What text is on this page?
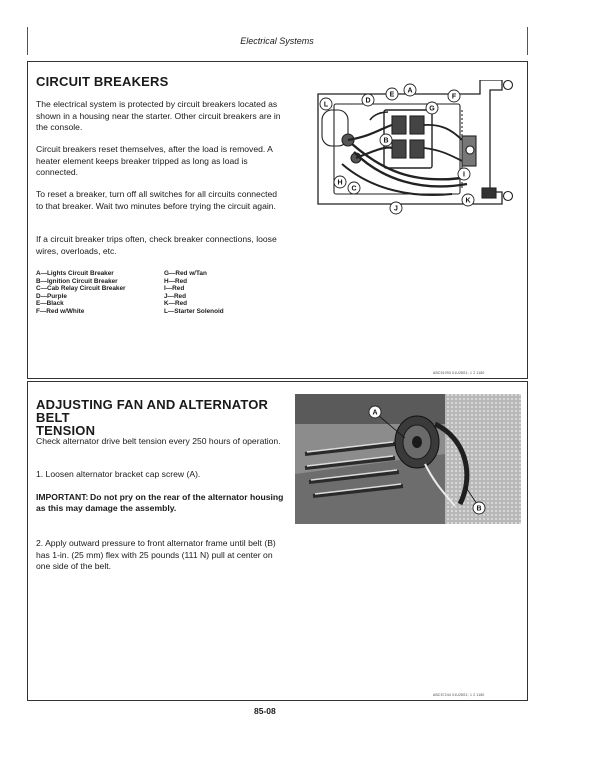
Electrical Systems
CIRCUIT BREAKERS

The electrical system is protected by circuit breakers located as shown in a housing near the starter. Other circuit breakers are in the console.

Circuit breakers reset themselves, after the load is removed. A heater element keeps breaker tripped as long as load is connected.

To reset a breaker, turn off all switches for all circuits connected to that breaker. Wait two minutes before trying the circuit again.

If a circuit breaker trips often, check breaker connections, loose wires, overloads, etc.

A—Lights Circuit Breaker
B—Ignition Circuit Breaker
C—Cab Relay Circuit Breaker
D—Purple
E—Black
F—Red w/White
G—Red w/Tan
H—Red
I—Red
J—Red
K—Red
L—Starter Solenoid
A
B
C
D
E	F
G
H
I
J
K
L
ABC51093 01U28S1; 1 2 1180
ADJUSTING FAN AND ALTERNATOR BELT
TENSION

Check alternator drive belt tension every 250 hours of operation.

1. Loosen alternator bracket cap screw (A).

IMPORTANT: Do not pry on the rear of the alternator housing as this may damage the assembly.

2. Apply outward pressure to front alternator frame until belt (B) has 1-in. (25 mm) flex with 25 pounds (111 N) pull at center on one side of the belt.

A
B
ABC57244 01U28S1; 1 2 1180
85-08
